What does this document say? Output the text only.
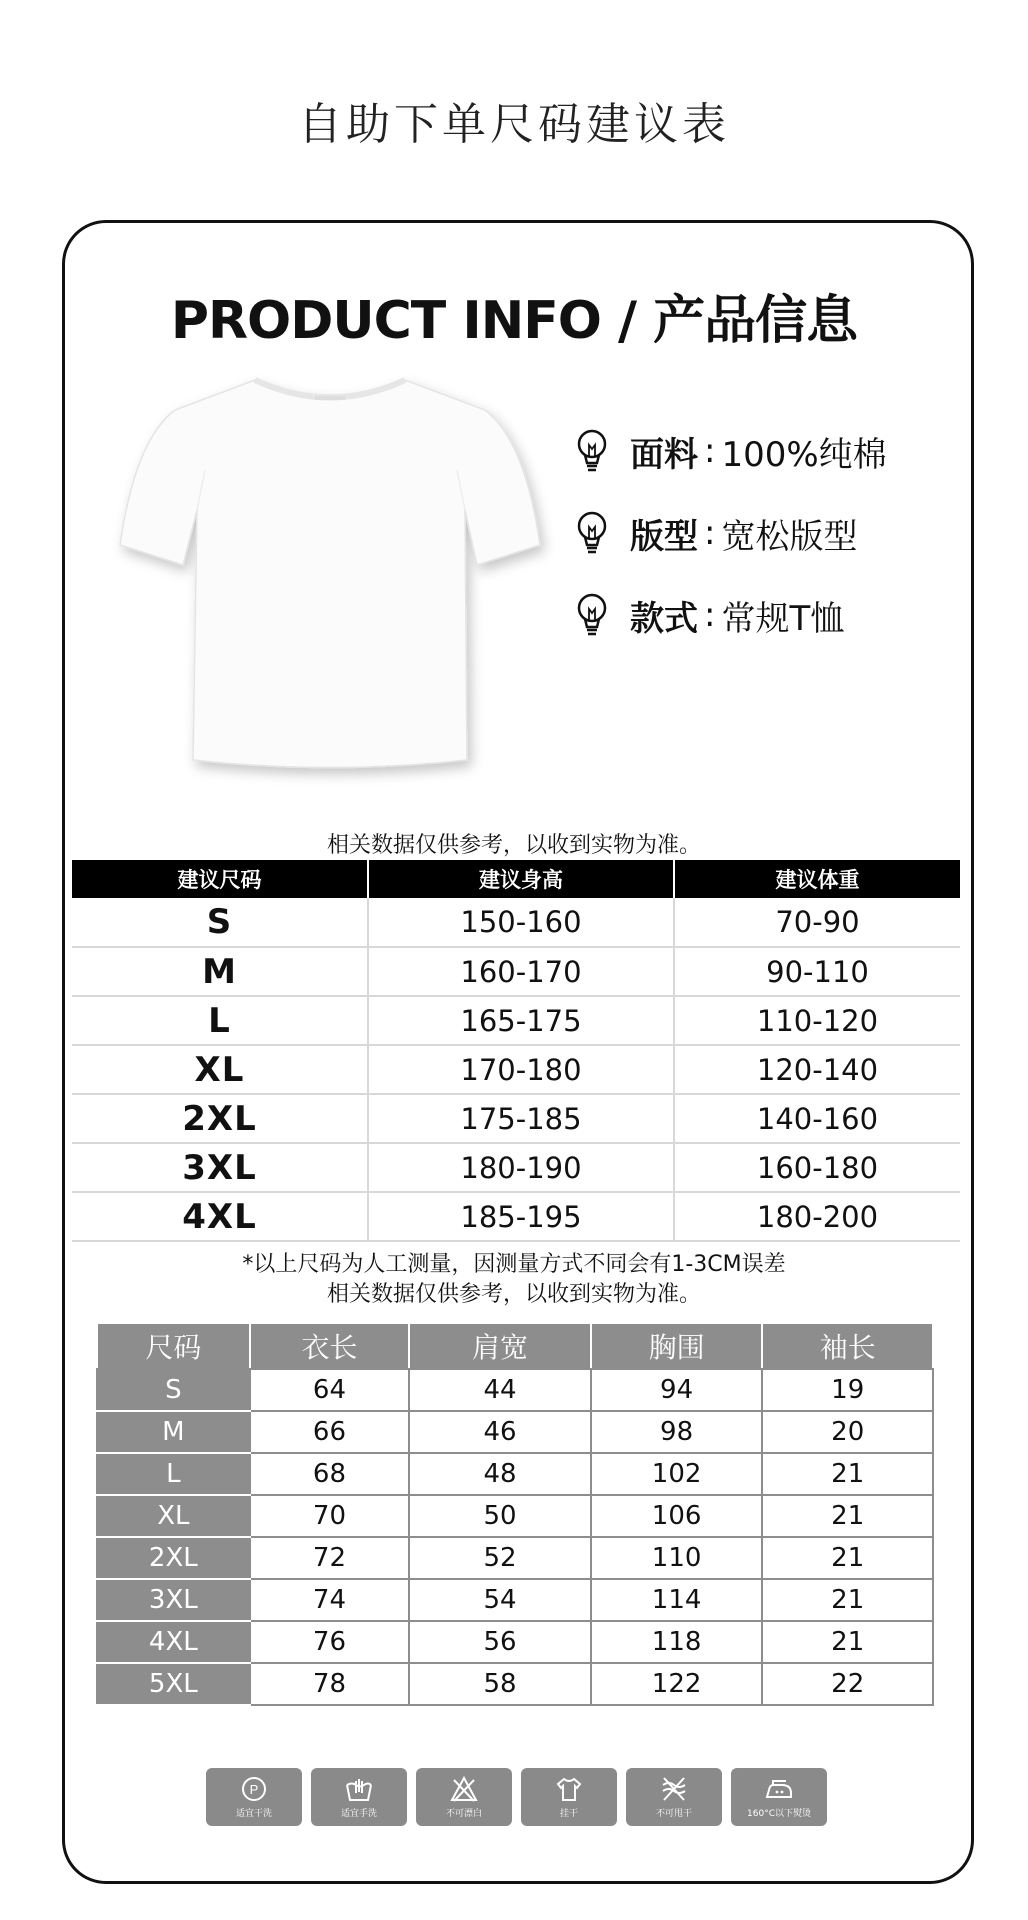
自助下单尺码建议表
PRODUCT INFO / 产品信息
面料 : 100%纯棉
版型 : 宽松版型
款式 : 常规T恤
相关数据仅供参考，以收到实物为准。
建议尺码	建议身高	建议体重
S	150-160	70-90
M	160-170	90-110
L	165-175	110-120
XL	170-180	120-140
2XL	175-185	140-160
3XL	180-190	160-180
4XL	185-195	180-200
*以上尺码为人工测量，因测量方式不同会有1-3CM误差
相关数据仅供参考，以收到实物为准。
尺码	衣长	肩宽	胸围	袖长
S	64	44	94	19
M	66	46	98	20
L	68	48	102	21
XL	70	50	106	21
2XL	72	52	110	21
3XL	74	54	114	21
4XL	76	56	118	21
5XL	78	58	122	22
P
适宜干洗	适宜手洗	不可漂白	挂干	不可甩干	160°C以下熨烫
